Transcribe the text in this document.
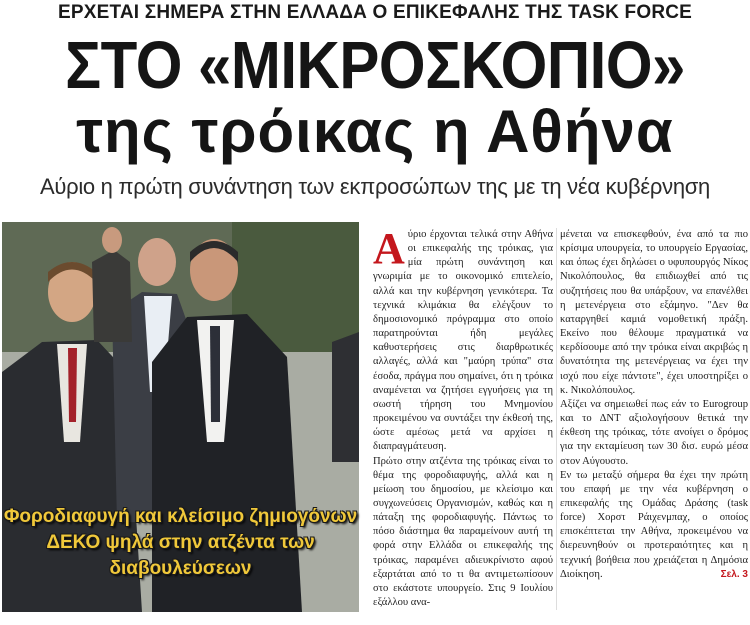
ΕΡΧΕΤΑΙ ΣΗΜΕΡΑ ΣΤΗΝ ΕΛΛΑΔΑ Ο ΕΠΙΚΕΦΑΛΗΣ ΤΗΣ TASK FORCE
ΣΤΟ «ΜΙΚΡΟΣΚΟΠΙΟ»
της τρόικας η Αθήνα
Αύριο η πρώτη συνάντηση των εκπροσώπων της με τη νέα κυβέρνηση
Φοροδιαφυγή και κλείσιμο ζημιογόνων ΔΕΚΟ ψηλά στην ατζέντα των διαβουλεύσεων
Α ύριο έρχονται τελικά στην Αθήνα οι επικεφαλής της τρόικας, για μία πρώτη συνάντηση και γνωριμία με το οικονομικό επιτελείο, αλλά και την κυβέρνηση γενικότερα. Τα τεχνικά κλιμάκια θα ελέγξουν το δημοσιονομικό πρόγραμμα στο οποίο παρατηρούνται ήδη μεγάλες καθυστερήσεις στις διαρθρωτικές αλλαγές, αλλά και "μαύρη τρύπα" στα έσοδα, πράγμα που σημαίνει, ότι η τρόικα αναμένεται να ζητήσει εγγυήσεις για τη σωστή τήρηση του Μνημονίου προκειμένου να συντάξει την έκθεσή της, ώστε αμέσως μετά να αρχίσει η διαπραγμάτευση.

Πρώτο στην ατζέντα της τρόικας είναι το θέμα της φοροδιαφυγής, αλλά και η μείωση του δημοσίου, με κλείσιμο και συγχωνεύσεις Οργανισμών, καθώς και η πάταξη της φοροδιαφυγής. Πάντως το πόσο διάστημα θα παραμείνουν αυτή τη φορά στην Ελλάδα οι επικεφαλής της τρόικας, παραμένει αδιευκρίνιστο αφού εξαρτάται από το τι θα αντιμετωπίσουν στο εκάστοτε υπουργείο. Στις 9 Ιουλίου εξάλλου ανα-

μένεται να επισκεφθούν, ένα από τα πιο κρίσιμα υπουργεία, το υπουργείο Εργασίας, και όπως έχει δηλώσει ο υφυπουργός Νίκος Νικολόπουλος, θα επιδιωχθεί από τις συζητήσεις που θα υπάρξουν, να επανέλθει η μετενέργεια στο εξάμηνο. "Δεν θα καταργηθεί καμιά νομοθετική πράξη. Εκείνο που θέλουμε πραγματικά να κερδίσουμε από την τρόικα είναι ακριβώς η δυνατότητα της μετενέργειας να έχει την ισχύ που είχε πάντοτε", έχει υποστηρίξει ο κ. Νικολόπουλος.

Αξίζει να σημειωθεί πως εάν το Eurogroup και το ΔΝΤ αξιολογήσουν θετικά την έκθεση της τρόικας, τότε ανοίγει ο δρόμος για την εκταμίευση των 30 δισ. ευρώ μέσα στον Αύγουστο.

Εν τω μεταξύ σήμερα θα έχει την πρώτη του επαφή με την νέα κυβέρνηση ο επικεφαλής της Ομάδας Δράσης (task force) Χορστ Ράιχενμπαχ, ο οποίος επισκέπτεται την Αθήνα, προκειμένου να διερευνηθούν οι προτεραιότητες και η τεχνική βοήθεια που χρειάζεται η Δημόσια Διοίκηση.	Σελ. 3
